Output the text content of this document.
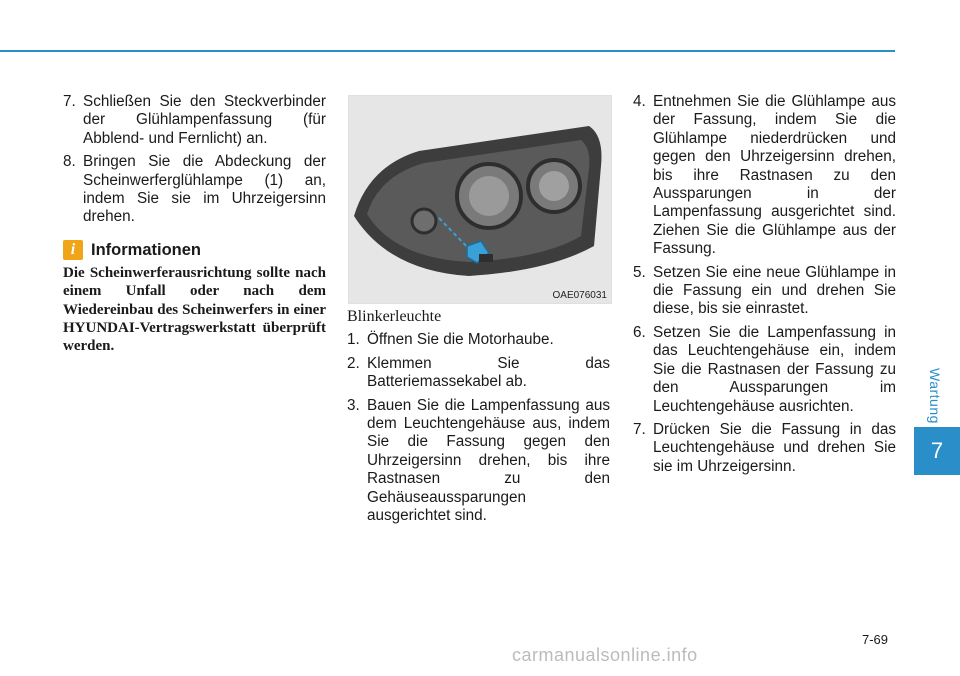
Wartung
7
7. Schließen Sie den Steckverbinder der Glühlampenfassung (für Abblend- und Fernlicht) an.
8. Bringen Sie die Abdeckung der Scheinwerferglühlampe (1) an, indem Sie sie im Uhrzeigersinn drehen.
i Informationen
Die Scheinwerferausrichtung sollte nach einem Unfall oder nach dem Wiedereinbau des Scheinwerfers in einer HYUNDAI-Vertragswerkstatt überprüft werden.
OAE076031
Blinkerleuchte
1. Öffnen Sie die Motorhaube.
2. Klemmen Sie das Batteriemassekabel ab.
3. Bauen Sie die Lampenfassung aus dem Leuchtengehäuse aus, indem Sie die Fassung gegen den Uhrzeigersinn drehen, bis ihre Rastnasen zu den Gehäuseaussparungen ausgerichtet sind.
4. Entnehmen Sie die Glühlampe aus der Fassung, indem Sie die Glühlampe niederdrücken und gegen den Uhrzeigersinn drehen, bis ihre Rastnasen zu den Aussparungen in der Lampenfassung ausgerichtet sind. Ziehen Sie die Glühlampe aus der Fassung.
5. Setzen Sie eine neue Glühlampe in die Fassung ein und drehen Sie diese, bis sie einrastet.
6. Setzen Sie die Lampenfassung in das Leuchtengehäuse ein, indem Sie die Rastnasen der Fassung zu den Aussparungen im Leuchtengehäuse ausrichten.
7. Drücken Sie die Fassung in das Leuchtengehäuse und drehen Sie sie im Uhrzeigersinn.
7-69
carmanualsonline.info
